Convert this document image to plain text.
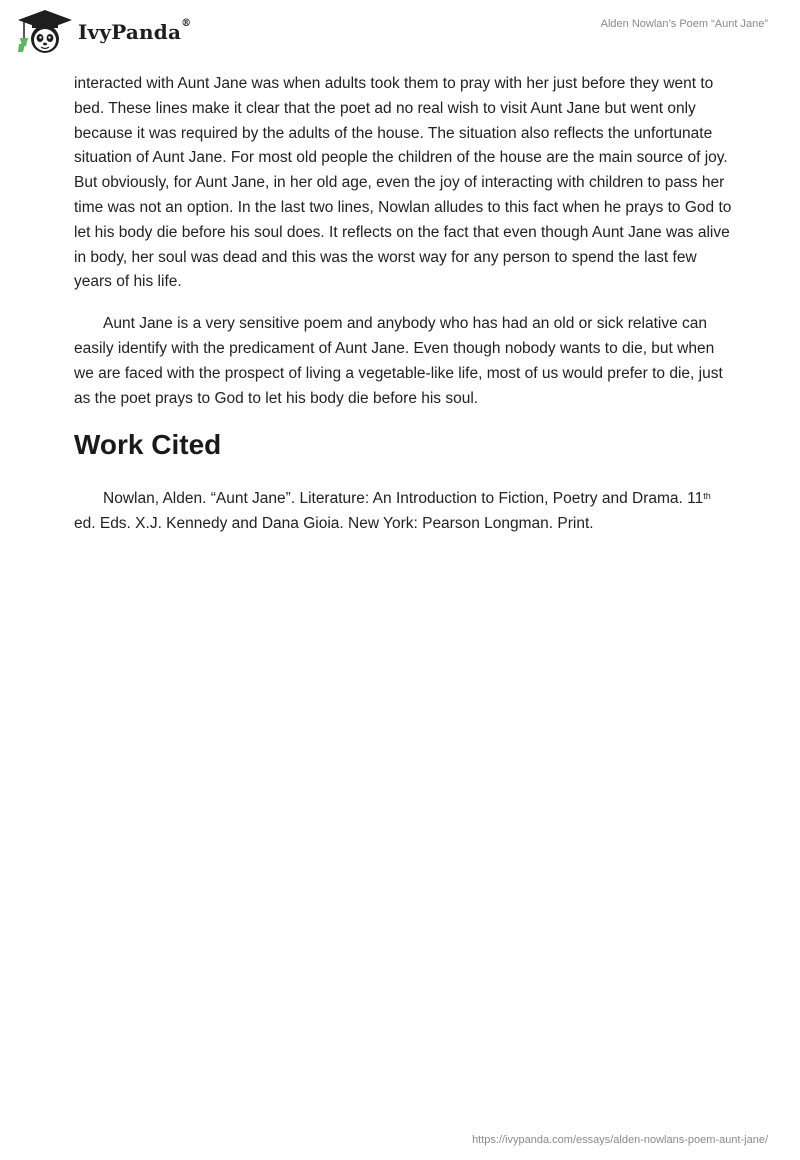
IvyPanda®	Alden Nowlan’s Poem “Aunt Jane”

interacted with Aunt Jane was when adults took them to pray with her just before they went to bed. These lines make it clear that the poet ad no real wish to visit Aunt Jane but went only because it was required by the adults of the house. The situation also reflects the unfortunate situation of Aunt Jane. For most old people the children of the house are the main source of joy. But obviously, for Aunt Jane, in her old age, even the joy of interacting with children to pass her time was not an option. In the last two lines, Nowlan alludes to this fact when he prays to God to let his body die before his soul does. It reflects on the fact that even though Aunt Jane was alive in body, her soul was dead and this was the worst way for any person to spend the last few years of his life.

Aunt Jane is a very sensitive poem and anybody who has had an old or sick relative can easily identify with the predicament of Aunt Jane. Even though nobody wants to die, but when we are faced with the prospect of living a vegetable-like life, most of us would prefer to die, just as the poet prays to God to let his body die before his soul.

Work Cited

Nowlan, Alden. “Aunt Jane”. Literature: An Introduction to Fiction, Poetry and Drama. 11th ed. Eds. X.J. Kennedy and Dana Gioia. New York: Pearson Longman. Print.

https://ivypanda.com/essays/alden-nowlans-poem-aunt-jane/
